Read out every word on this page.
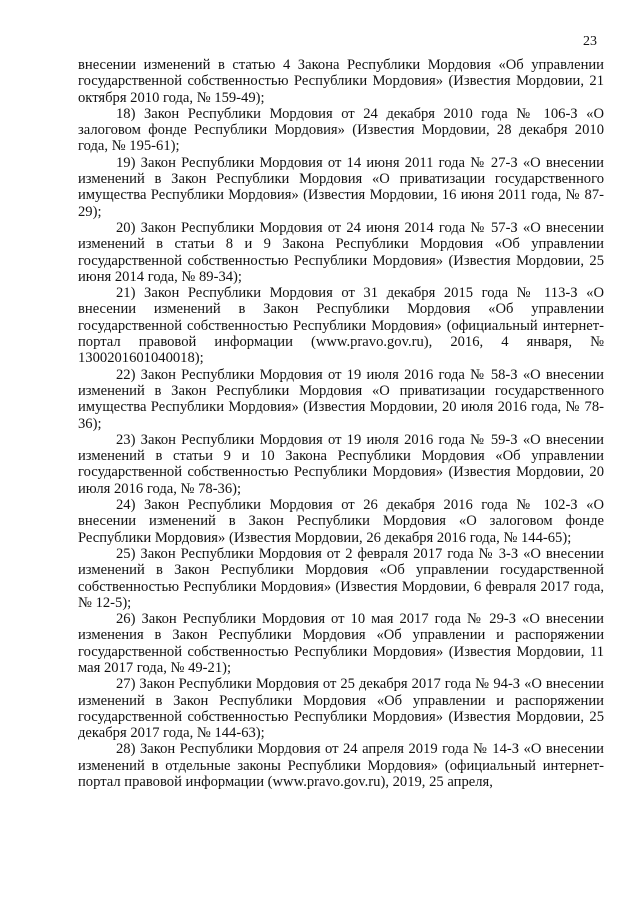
23

внесении изменений в статью 4 Закона Республики Мордовия «Об управлении государственной собственностью Республики Мордовия» (Известия Мордовии, 21 октября 2010 года, № 159-49);

18) Закон Республики Мордовия от 24 декабря 2010 года № 106-З «О залоговом фонде Республики Мордовия» (Известия Мордовии, 28 декабря 2010 года, № 195-61);

19) Закон Республики Мордовия от 14 июня 2011 года № 27-З «О внесении изменений в Закон Республики Мордовия «О приватизации государственного имущества Республики Мордовия» (Известия Мордовии, 16 июня 2011 года, № 87-29);

20) Закон Республики Мордовия от 24 июня 2014 года № 57-З «О внесении изменений в статьи 8 и 9 Закона Республики Мордовия «Об управлении государственной собственностью Республики Мордовия» (Известия Мордовии, 25 июня 2014 года, № 89-34);

21) Закон Республики Мордовия от 31 декабря 2015 года № 113-З «О внесении изменений в Закон Республики Мордовия «Об управлении государственной собственностью Республики Мордовия» (официальный интернет-портал правовой информации (www.pravo.gov.ru), 2016, 4 января, № 1300201601040018);

22) Закон Республики Мордовия от 19 июля 2016 года № 58-З «О внесении изменений в Закон Республики Мордовия «О приватизации государственного имущества Республики Мордовия» (Известия Мордовии, 20 июля 2016 года, № 78-36);

23) Закон Республики Мордовия от 19 июля 2016 года № 59-З «О внесении изменений в статьи 9 и 10 Закона Республики Мордовия «Об управлении государственной собственностью Республики Мордовия» (Известия Мордовии, 20 июля 2016 года, № 78-36);

24) Закон Республики Мордовия от 26 декабря 2016 года № 102-З «О внесении изменений в Закон Республики Мордовия «О залоговом фонде Республики Мордовия» (Известия Мордовии, 26 декабря 2016 года, № 144-65);

25) Закон Республики Мордовия от 2 февраля 2017 года № 3-З «О внесении изменений в Закон Республики Мордовия «Об управлении государственной собственностью Республики Мордовия» (Известия Мордовии, 6 февраля 2017 года, № 12-5);

26) Закон Республики Мордовия от 10 мая 2017 года № 29-З «О внесении изменения в Закон Республики Мордовия «Об управлении и распоряжении государственной собственностью Республики Мордовия» (Известия Мордовии, 11 мая 2017 года, № 49-21);

27) Закон Республики Мордовия от 25 декабря 2017 года № 94-З «О внесении изменений в Закон Республики Мордовия «Об управлении и распоряжении государственной собственностью Республики Мордовия» (Известия Мордовии, 25 декабря 2017 года, № 144-63);

28) Закон Республики Мордовия от 24 апреля 2019 года № 14-З «О внесении изменений в отдельные законы Республики Мордовия» (официальный интернет-портал правовой информации (www.pravo.gov.ru), 2019, 25 апреля,
